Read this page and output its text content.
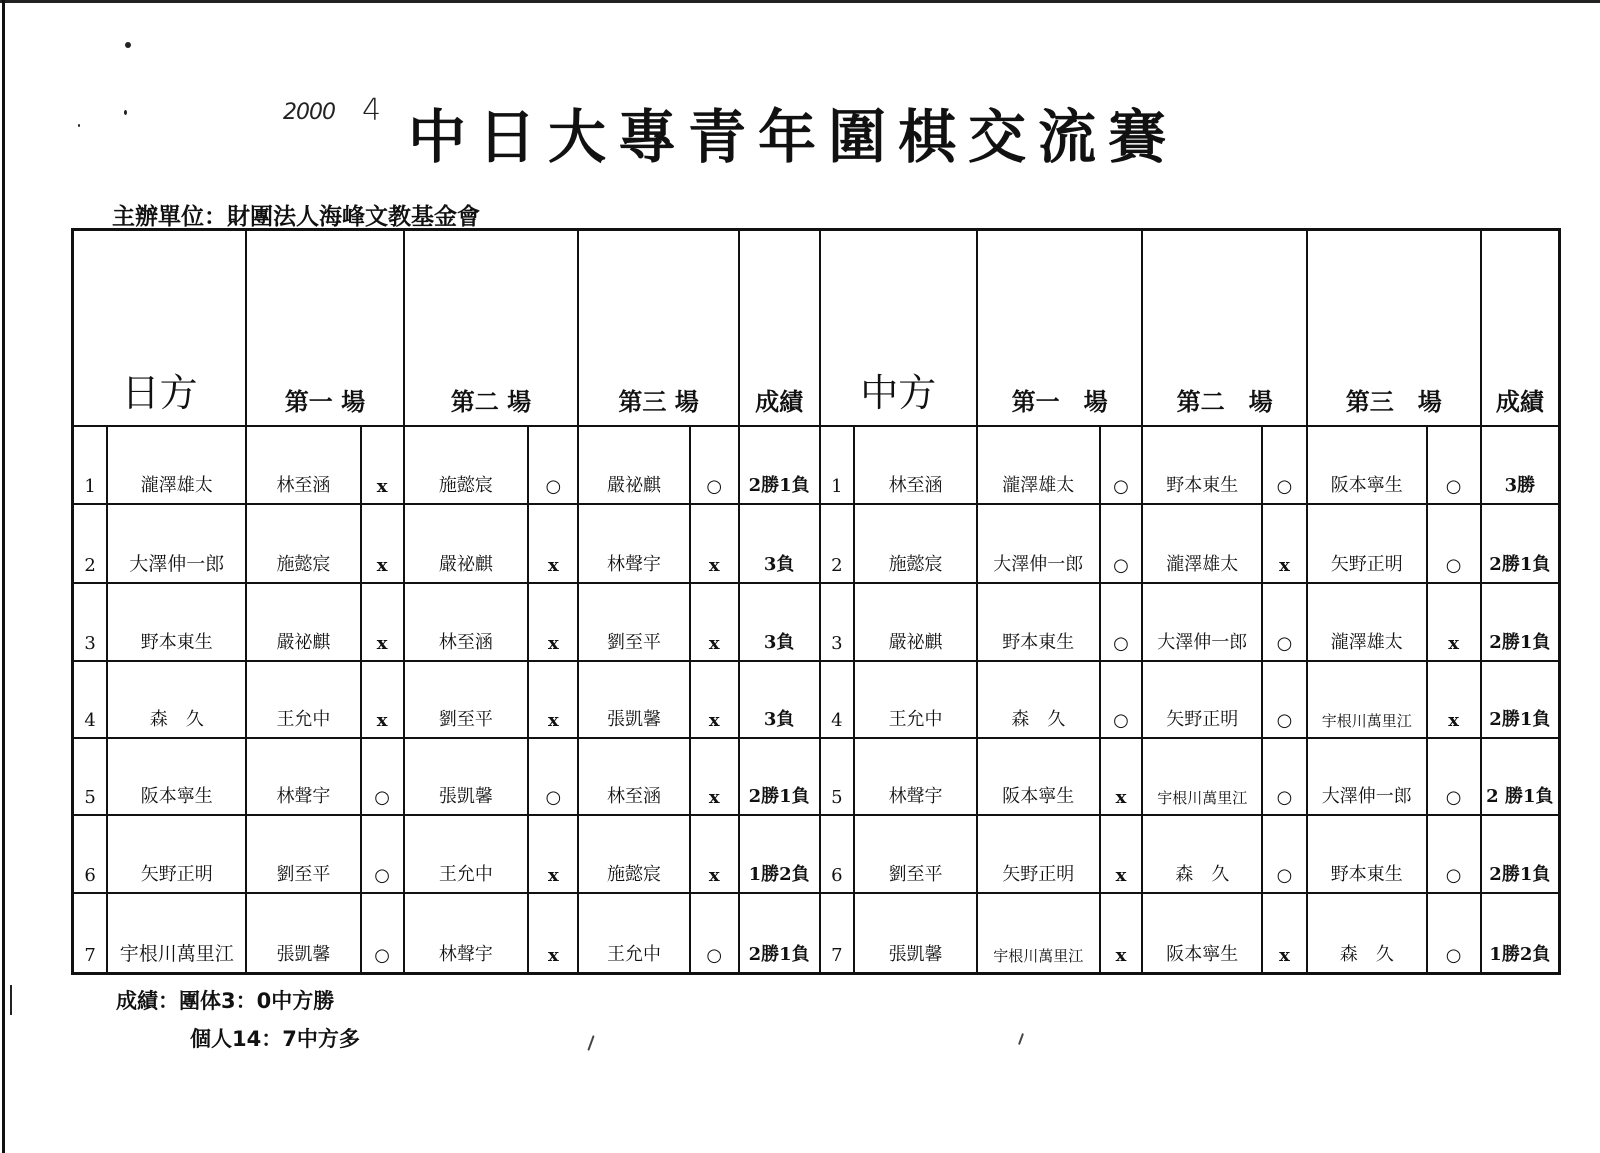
2000 4 中日大專青年圍棋交流賽
主辦單位：財團法人海峰文教基金會
日方		第一 場		第二 場		第三 場		成績	中方		第一　場		第二　場		第三　場		成績
1	瀧澤雄太	林至涵	x	施懿宸	○	嚴祕麒	○	2勝1負	1	林至涵	瀧澤雄太	○	野本東生	○	阪本寧生	○	3勝
2	大澤伸一郎	施懿宸	x	嚴祕麒	x	林聲宇	x	3負	2	施懿宸	大澤伸一郎	○	瀧澤雄太	x	矢野正明	○	2勝1負
3	野本東生	嚴祕麒	x	林至涵	x	劉至平	x	3負	3	嚴祕麒	野本東生	○	大澤伸一郎	○	瀧澤雄太	x	2勝1負
4	森　久	王允中	x	劉至平	x	張凱馨	x	3負	4	王允中	森　久	○	矢野正明	○	宇根川萬里江	x	2勝1負
5	阪本寧生	林聲宇	○	張凱馨	○	林至涵	x	2勝1負	5	林聲宇	阪本寧生	x	宇根川萬里江	○	大澤伸一郎	○	2 勝1負
6	矢野正明	劉至平	○	王允中	x	施懿宸	x	1勝2負	6	劉至平	矢野正明	x	森　久	○	野本東生	○	2勝1負
7	宇根川萬里江	張凱馨	○	林聲宇	x	王允中	○	2勝1負	7	張凱馨	宇根川萬里江	x	阪本寧生	x	森　久	○	1勝2負
成績：團体3：0中方勝
個人14：7中方多
